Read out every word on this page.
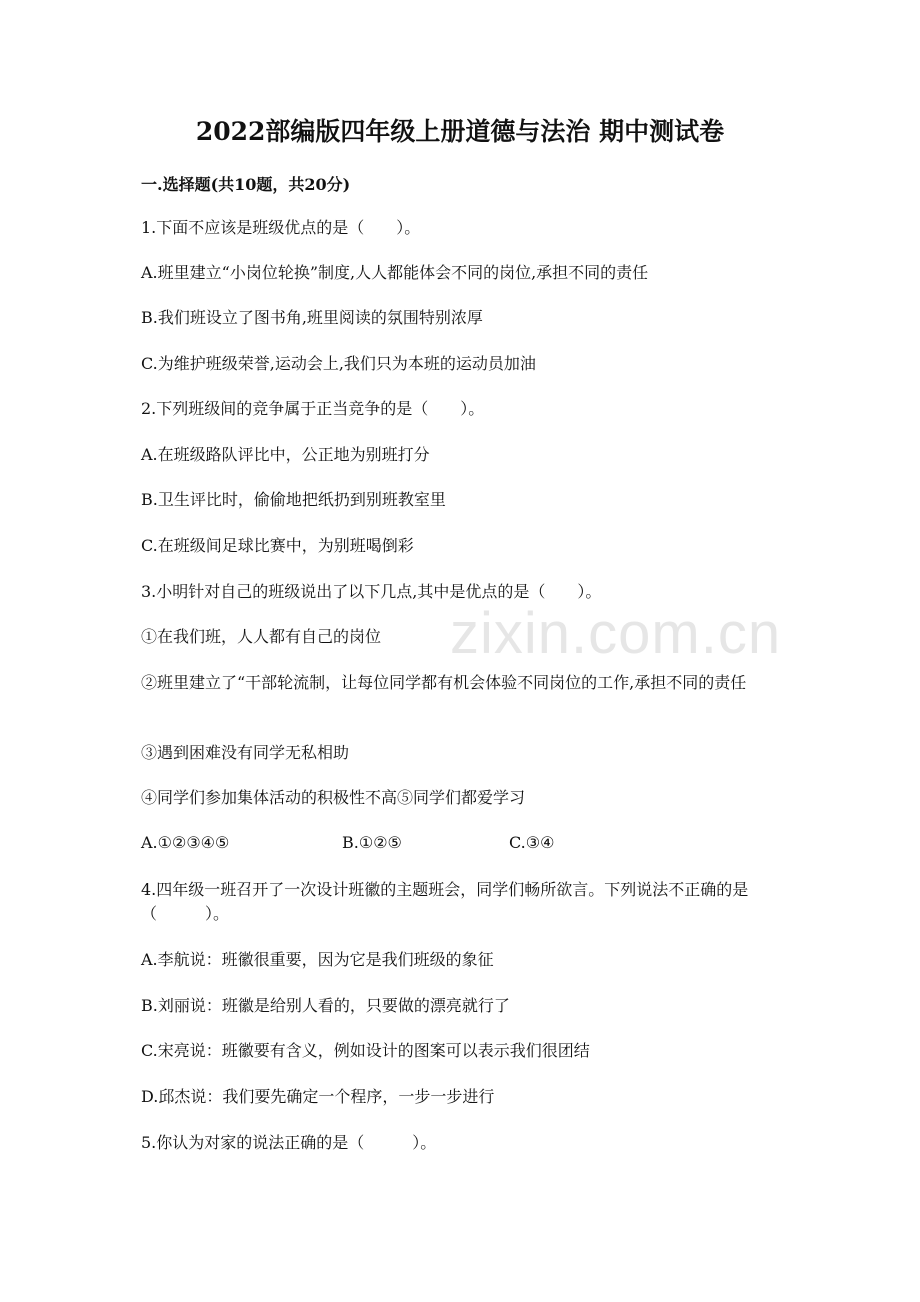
zixin.com.cn
2022部编版四年级上册道德与法治 期中测试卷
一.选择题(共10题，共20分)
1.下面不应该是班级优点的是（　　）。
A.班里建立“小岗位轮换”制度,人人都能体会不同的岗位,承担不同的责任
B.我们班设立了图书角,班里阅读的氛围特别浓厚
C.为维护班级荣誉,运动会上,我们只为本班的运动员加油
2.下列班级间的竞争属于正当竞争的是（　　）。
A.在班级路队评比中，公正地为别班打分
B.卫生评比时，偷偷地把纸扔到别班教室里
C.在班级间足球比赛中，为别班喝倒彩
3.小明针对自己的班级说出了以下几点,其中是优点的是（　　）。
①在我们班，人人都有自己的岗位
②班里建立了“干部轮流制，让每位同学都有机会体验不同岗位的工作,承担不同的责任
③遇到困难没有同学无私相助
④同学们参加集体活动的积极性不高⑤同学们都爱学习
A.①②③④⑤	B.①②⑤	C.③④
4.四年级一班召开了一次设计班徽的主题班会，同学们畅所欲言。下列说法不正确的是（　　　）。
A.李航说：班徽很重要，因为它是我们班级的象征
B.刘丽说：班徽是给别人看的，只要做的漂亮就行了
C.宋亮说：班徽要有含义，例如设计的图案可以表示我们很团结
D.邱杰说：我们要先确定一个程序，一步一步进行
5.你认为对家的说法正确的是（　　　）。
